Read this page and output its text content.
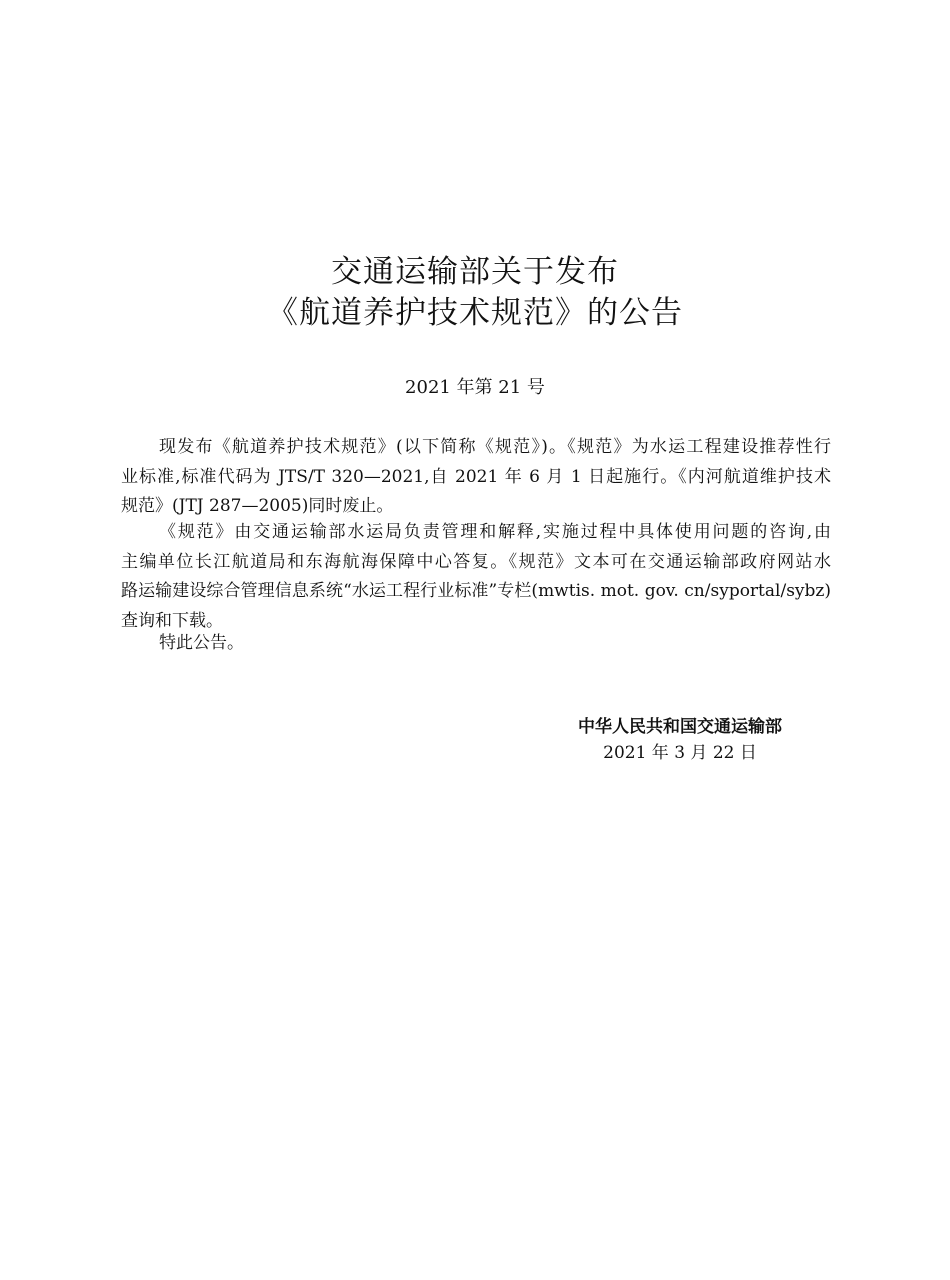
交通运输部关于发布
《航道养护技术规范》的公告
2021 年第 21 号
现发布《航道养护技术规范》(以下简称《规范》)。《规范》为水运工程建设推荐性行
业标准,标准代码为 JTS/T 320—2021,自 2021 年 6 月 1 日起施行。《内河航道维护技术
规范》(JTJ 287—2005)同时废止。
《规范》由交通运输部水运局负责管理和解释,实施过程中具体使用问题的咨询,由
主编单位长江航道局和东海航海保障中心答复。《规范》文本可在交通运输部政府网站水
路运输建设综合管理信息系统“水运工程行业标准”专栏(mwtis. mot. gov. cn/syportal/sybz)
查询和下载。
特此公告。
中华人民共和国交通运输部
2021 年 3 月 22 日
